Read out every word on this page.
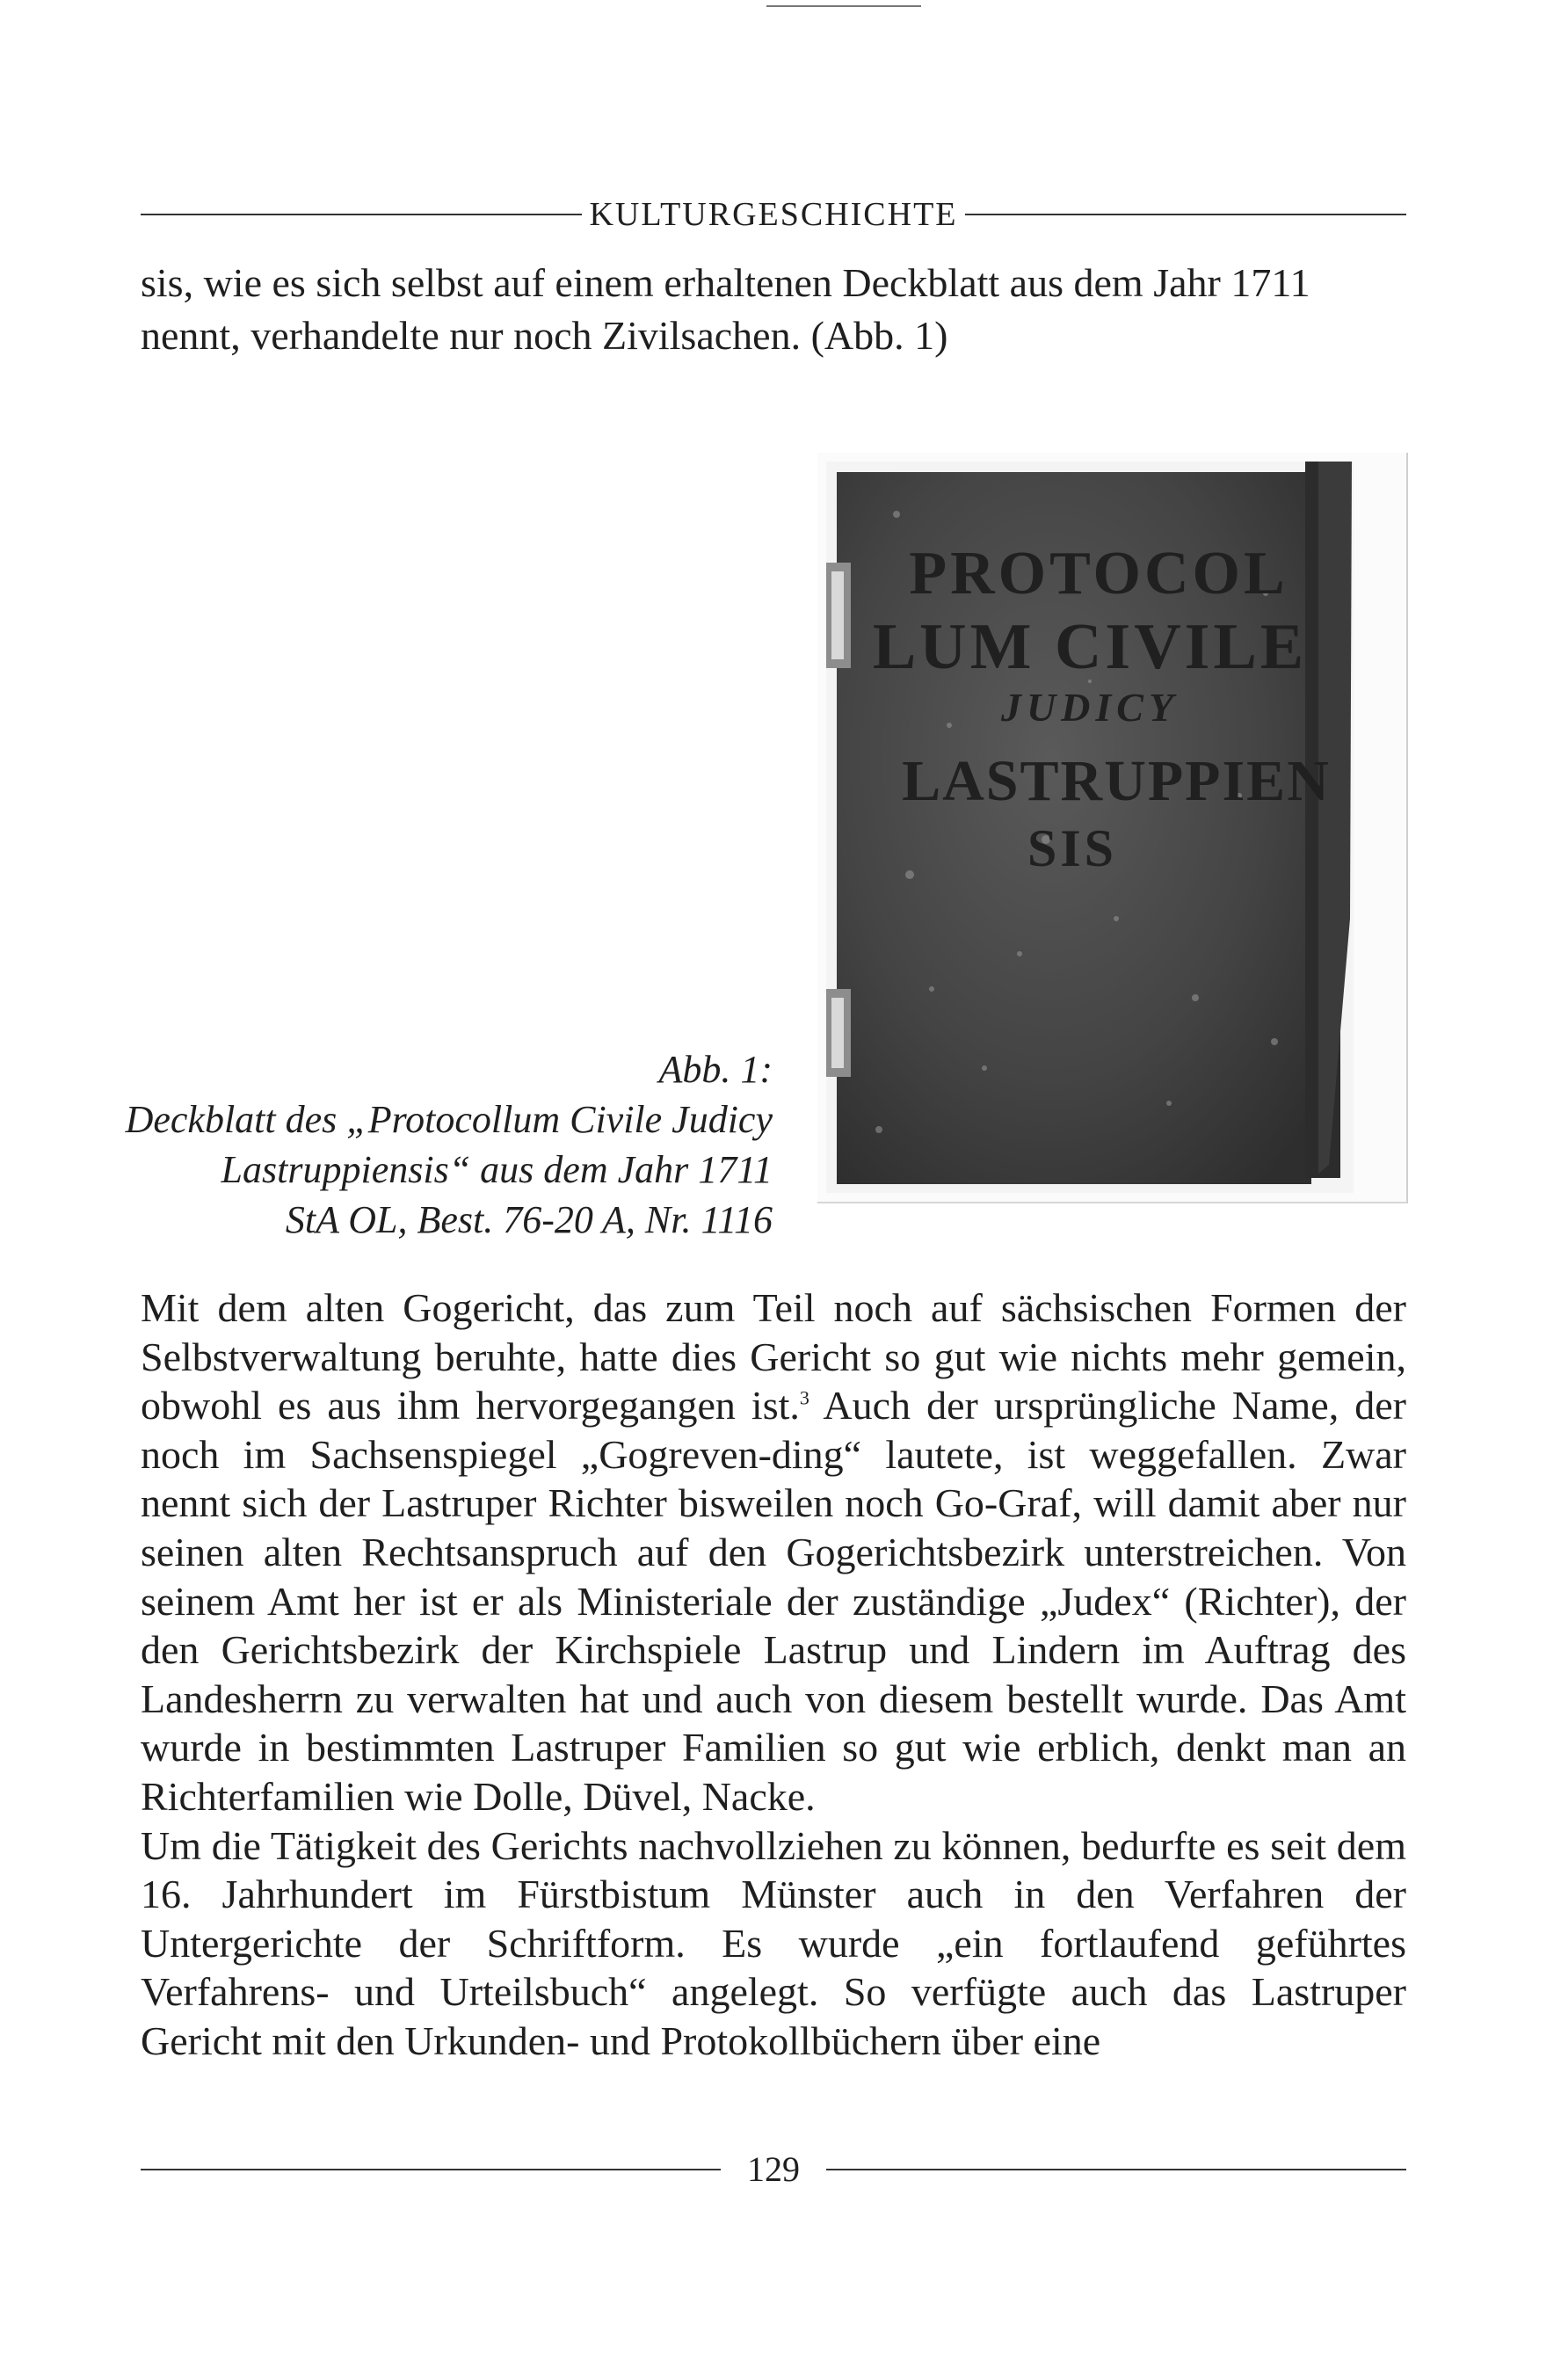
KULTURGESCHICHTE

sis, wie es sich selbst auf einem erhaltenen Deckblatt aus dem Jahr 1711 nennt, verhandelte nur noch Zivilsachen. (Abb. 1)

PROTOCOL
LUM CIVILE
JUDICY
LASTRUPPIEN
SIS
Abb. 1:
Deckblatt des „Protocollum Civile Judicy
Lastruppiensis“ aus dem Jahr 1711
StA OL, Best. 76-20 A, Nr. 1116

Mit dem alten Gogericht, das zum Teil noch auf sächsischen Formen der Selbstverwaltung beruhte, hatte dies Gericht so gut wie nichts mehr gemein, obwohl es aus ihm hervorgegangen ist.$^3$ Auch der ursprüngliche Name, der noch im Sachsenspiegel „Gogreven-ding“ lautete, ist weggefallen. Zwar nennt sich der Lastruper Richter bisweilen noch Go-Graf, will damit aber nur seinen alten Rechtsanspruch auf den Gogerichtsbezirk unterstreichen. Von seinem Amt her ist er als Ministeriale der zuständige „Judex“ (Richter), der den Gerichtsbezirk der Kirchspiele Lastrup und Lindern im Auftrag des Landesherrn zu verwalten hat und auch von diesem bestellt wurde. Das Amt wurde in bestimmten Lastruper Familien so gut wie erblich, denkt man an Richterfamilien wie Dolle, Düvel, Nacke.

Um die Tätigkeit des Gerichts nachvollziehen zu können, bedurfte es seit dem 16. Jahrhundert im Fürstbistum Münster auch in den Verfahren der Untergerichte der Schriftform. Es wurde „ein fortlaufend geführtes Verfahrens- und Urteilsbuch“ angelegt. So verfügte auch das Lastruper Gericht mit den Urkunden- und Protokollbüchern über eine

129
